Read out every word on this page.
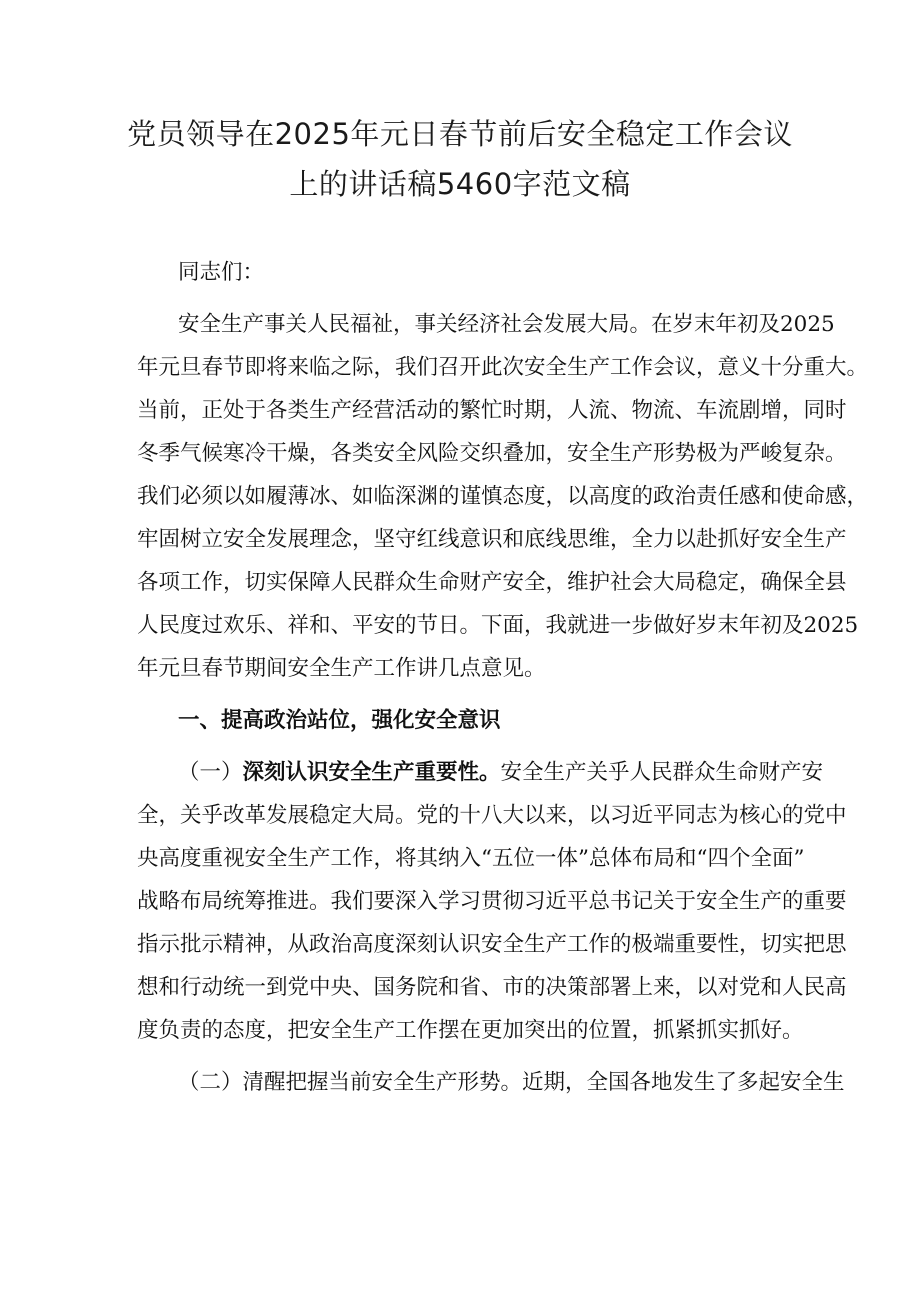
党员领导在2025年元日春节前后安全稳定工作会议
上的讲话稿5460字范文稿
同志们：
安全生产事关人民福祉，事关经济社会发展大局。在岁末年初及2025
年元旦春节即将来临之际，我们召开此次安全生产工作会议，意义十分重大。
当前，正处于各类生产经营活动的繁忙时期，人流、物流、车流剧增，同时
冬季气候寒冷干燥，各类安全风险交织叠加，安全生产形势极为严峻复杂。
我们必须以如履薄冰、如临深渊的谨慎态度，以高度的政治责任感和使命感，
牢固树立安全发展理念，坚守红线意识和底线思维，全力以赴抓好安全生产
各项工作，切实保障人民群众生命财产安全，维护社会大局稳定，确保全县
人民度过欢乐、祥和、平安的节日。下面，我就进一步做好岁末年初及2025
年元旦春节期间安全生产工作讲几点意见。
一、提高政治站位，强化安全意识
（一）深刻认识安全生产重要性。安全生产关乎人民群众生命财产安
全，关乎改革发展稳定大局。党的十八大以来，以习近平同志为核心的党中
央高度重视安全生产工作，将其纳入“五位一体”总体布局和“四个全面”
战略布局统筹推进。我们要深入学习贯彻习近平总书记关于安全生产的重要
指示批示精神，从政治高度深刻认识安全生产工作的极端重要性，切实把思
想和行动统一到党中央、国务院和省、市的决策部署上来，以对党和人民高
度负责的态度，把安全生产工作摆在更加突出的位置，抓紧抓实抓好。
（二）清醒把握当前安全生产形势。近期，全国各地发生了多起安全生
